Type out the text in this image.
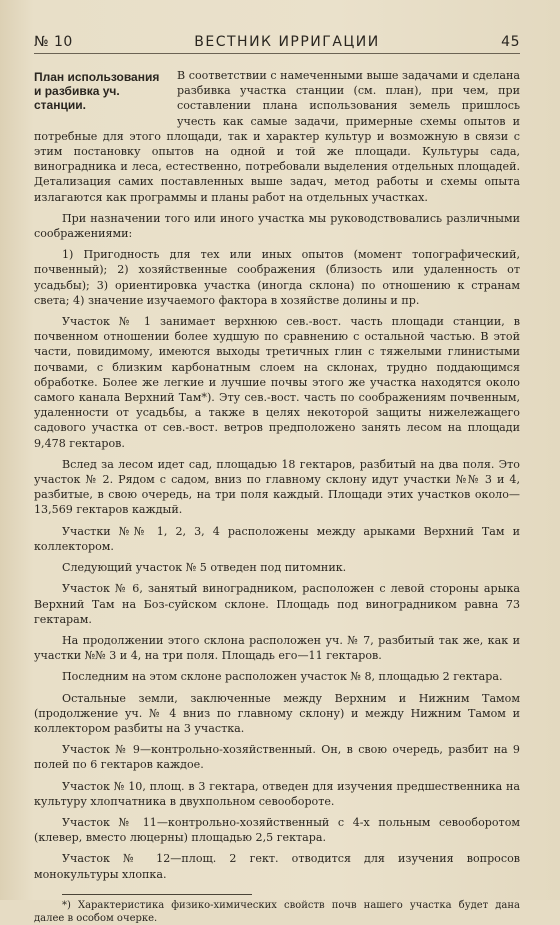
№ 10	ВЕСТНИК ИРРИГАЦИИ	45
План использования и разбивка уч. станции.

В соответствии с намеченными выше задачами и сделана разбивка участка станции (см. план), при чем, при составлении плана использования земель пришлось учесть как самые задачи, примерные схемы опытов и потребные для этого площади, так и характер культур и возможную в связи с этим постановку опытов на одной и той же площади. Культуры сада, виноградника и леса, естественно, потребовали выделения отдельных площадей. Детализация самих поставленных выше задач, метод работы и схемы опыта излагаются как программы и планы работ на отдельных участках.

При назначении того или иного участка мы руководствовались различными соображениями:

1) Пригодность для тех или иных опытов (момент топографический, почвенный); 2) хозяйственные соображения (близость или удаленность от усадьбы); 3) ориентировка участка (иногда склона) по отношению к странам света; 4) значение изучаемого фактора в хозяйстве долины и пр.

Участок № 1 занимает верхнюю сев.-вост. часть площади станции, в почвенном отношении более худшую по сравнению с остальной частью. В этой части, повидимому, имеются выходы третичных глин с тяжелыми глинистыми почвами, с близким карбонатным слоем на склонах, трудно поддающимся обработке. Более же легкие и лучшие почвы этого же участка находятся около самого канала Верхний Там*). Эту сев.-вост. часть по соображениям почвенным, удаленности от усадьбы, а также в целях некоторой защиты нижележащего садового участка от сев.-вост. ветров предположено занять лесом на площади 9,478 гектаров.

Вслед за лесом идет сад, площадью 18 гектаров, разбитый на два поля. Это участок № 2. Рядом с садом, вниз по главному склону идут участки №№ 3 и 4, разбитые, в свою очередь, на три поля каждый. Площади этих участков около—13,569 гектаров каждый.

Участки №№ 1, 2, 3, 4 расположены между арыками Верхний Там и коллектором.

Следующий участок № 5 отведен под питомник.

Участок № 6, занятый виноградником, расположен с левой стороны арыка Верхний Там на Боз-суйском склоне. Площадь под виноградником равна 73 гектарам.

На продолжении этого склона расположен уч. № 7, разбитый так же, как и участки №№ 3 и 4, на три поля. Площадь его—11 гектаров.

Последним на этом склоне расположен участок № 8, площадью 2 гектара.

Остальные земли, заключенные между Верхним и Нижним Тамом (продолжение уч. № 4 вниз по главному склону) и между Нижним Тамом и коллектором разбиты на 3 участка.

Участок № 9—контрольно-хозяйственный. Он, в свою очередь, разбит на 9 полей по 6 гектаров каждое.

Участок № 10, площ. в 3 гектара, отведен для изучения предшественника на культуру хлопчатника в двухпольном севообороте.

Участок № 11—контрольно-хозяйственный с 4-х польным севооборотом (клевер, вместо люцерны) площадью 2,5 гектара.

Участок № 12—площ. 2 гект. отводится для изучения вопросов монокультуры хлопка.

*) Характеристика физико-химических свойств почв нашего участка будет дана далее в особом очерке.
